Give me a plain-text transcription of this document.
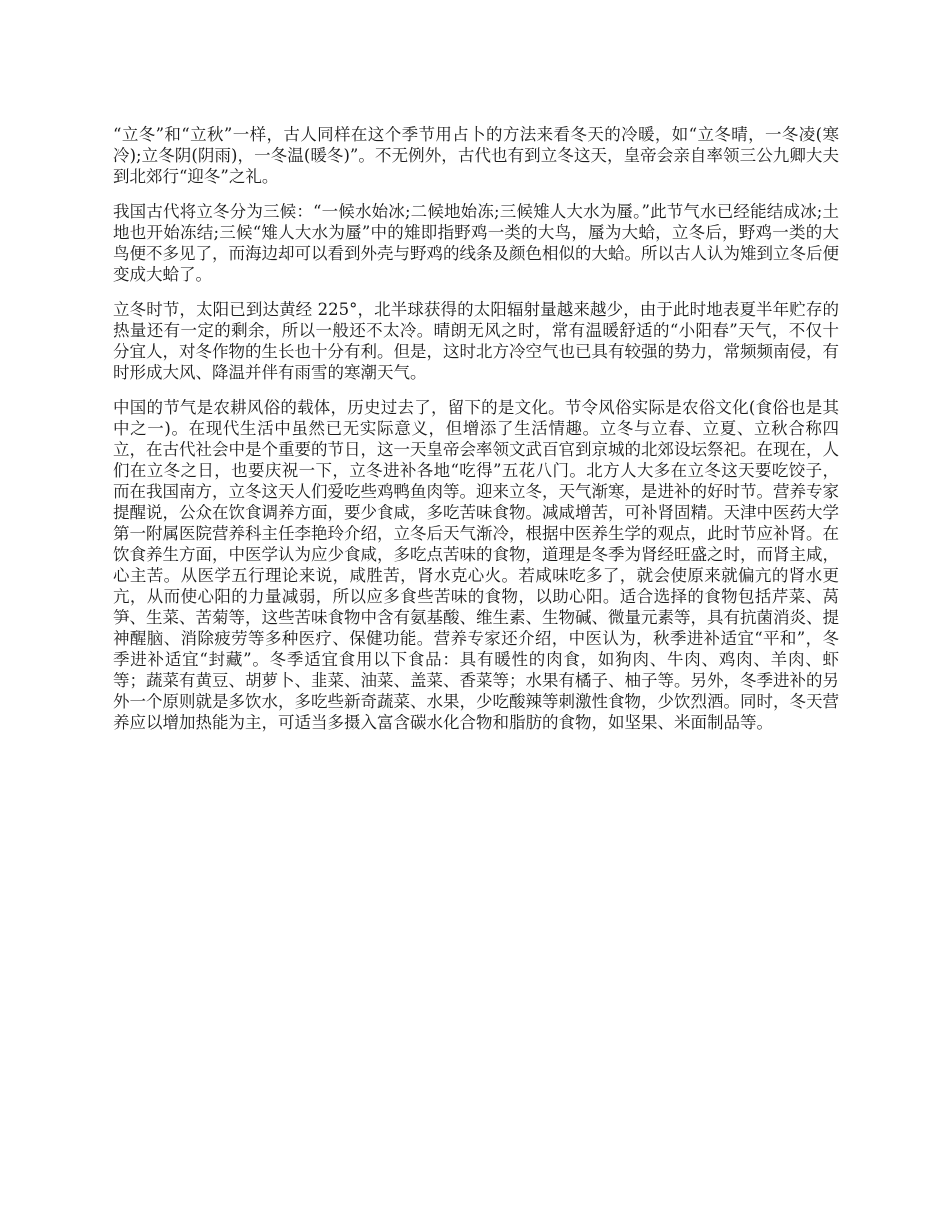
“立冬”和“立秋”一样，古人同样在这个季节用占卜的方法来看冬天的冷暖，如“立冬晴，一冬凌(寒冷);立冬阴(阴雨)，一冬温(暖冬)”。不无例外，古代也有到立冬这天，皇帝会亲自率领三公九卿大夫到北郊行“迎冬”之礼。

我国古代将立冬分为三候：“一候水始冰;二候地始冻;三候雉人大水为蜃。”此节气水已经能结成冰;土地也开始冻结;三候“雉人大水为蜃”中的雉即指野鸡一类的大鸟，蜃为大蛤，立冬后，野鸡一类的大鸟便不多见了，而海边却可以看到外壳与野鸡的线条及颜色相似的大蛤。所以古人认为雉到立冬后便变成大蛤了。

立冬时节，太阳已到达黄经 225°，北半球获得的太阳辐射量越来越少，由于此时地表夏半年贮存的热量还有一定的剩余，所以一般还不太冷。晴朗无风之时，常有温暖舒适的“小阳春”天气，不仅十分宜人，对冬作物的生长也十分有利。但是，这时北方冷空气也已具有较强的势力，常频频南侵，有时形成大风、降温并伴有雨雪的寒潮天气。

中国的节气是农耕风俗的载体，历史过去了，留下的是文化。节令风俗实际是农俗文化(食俗也是其中之一)。在现代生活中虽然已无实际意义，但增添了生活情趣。立冬与立春、立夏、立秋合称四立，在古代社会中是个重要的节日，这一天皇帝会率领文武百官到京城的北郊设坛祭祀。在现在，人们在立冬之日，也要庆祝一下，立冬进补各地“吃得”五花八门。北方人大多在立冬这天要吃饺子，而在我国南方，立冬这天人们爱吃些鸡鸭鱼肉等。迎来立冬，天气渐寒，是进补的好时节。营养专家提醒说，公众在饮食调养方面，要少食咸，多吃苦味食物。减咸增苦，可补肾固精。天津中医药大学第一附属医院营养科主任李艳玲介绍，立冬后天气渐冷，根据中医养生学的观点，此时节应补肾。在饮食养生方面，中医学认为应少食咸，多吃点苦味的食物，道理是冬季为肾经旺盛之时，而肾主咸，心主苦。从医学五行理论来说，咸胜苦，肾水克心火。若咸味吃多了，就会使原来就偏亢的肾水更亢，从而使心阳的力量减弱，所以应多食些苦味的食物，以助心阳。适合选择的食物包括芹菜、莴笋、生菜、苦菊等，这些苦味食物中含有氨基酸、维生素、生物碱、微量元素等，具有抗菌消炎、提神醒脑、消除疲劳等多种医疗、保健功能。营养专家还介绍，中医认为，秋季进补适宜“平和”，冬季进补适宜“封藏”。冬季适宜食用以下食品：具有暖性的肉食，如狗肉、牛肉、鸡肉、羊肉、虾等；蔬菜有黄豆、胡萝卜、韭菜、油菜、盖菜、香菜等；水果有橘子、柚子等。另外，冬季进补的另外一个原则就是多饮水，多吃些新奇蔬菜、水果，少吃酸辣等刺激性食物，少饮烈酒。同时，冬天营养应以增加热能为主，可适当多摄入富含碳水化合物和脂肪的食物，如坚果、米面制品等。
